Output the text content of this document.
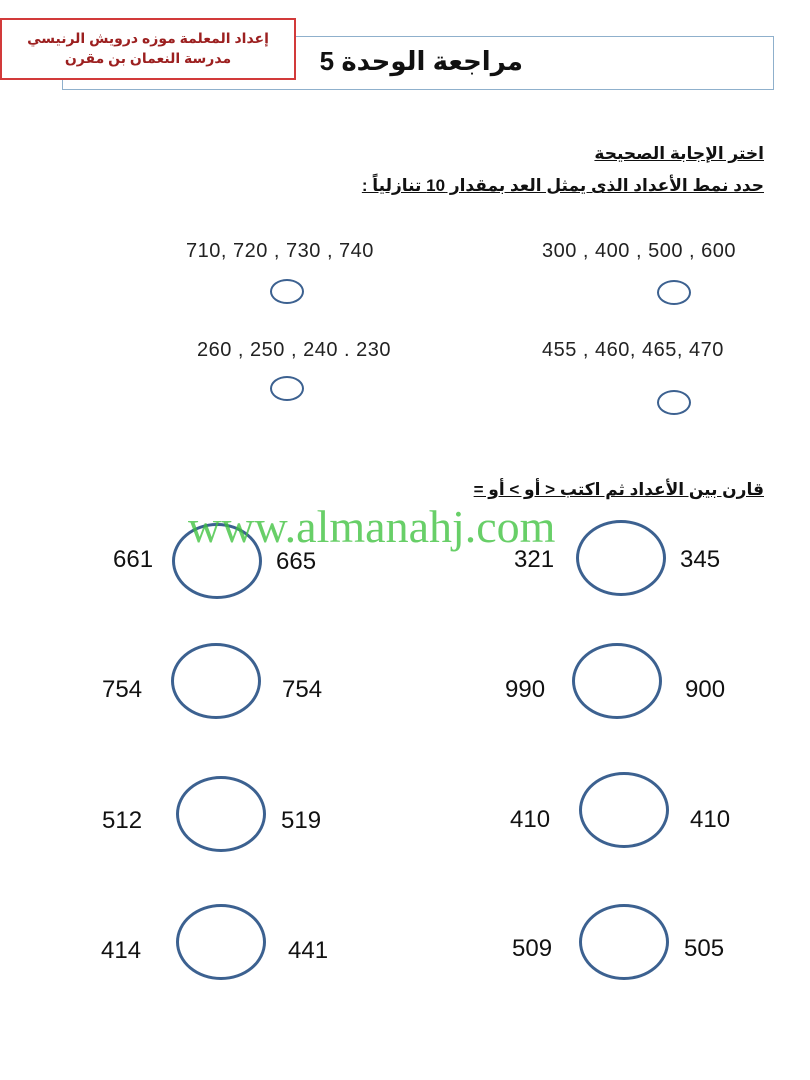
مراجعة الوحدة 5
إعداد المعلمة موزه درويش الرنيسي
مدرسة النعمان بن مقرن
اختر الإجابة الصحيحة
حدد نمط الأعداد الذى يمثل العد بمقدار 10 تنازلياً :
300 , 400 , 500 , 600
710, 720 , 730 , 740
455 , 460, 465, 470
260 , 250 , 240 . 230
قارن بين الأعداد ثم اكتب < أو > أو =
661	665	321	345
754	754	990	900
512	519	410	410
414	441	509	505
www.almanahj.com
